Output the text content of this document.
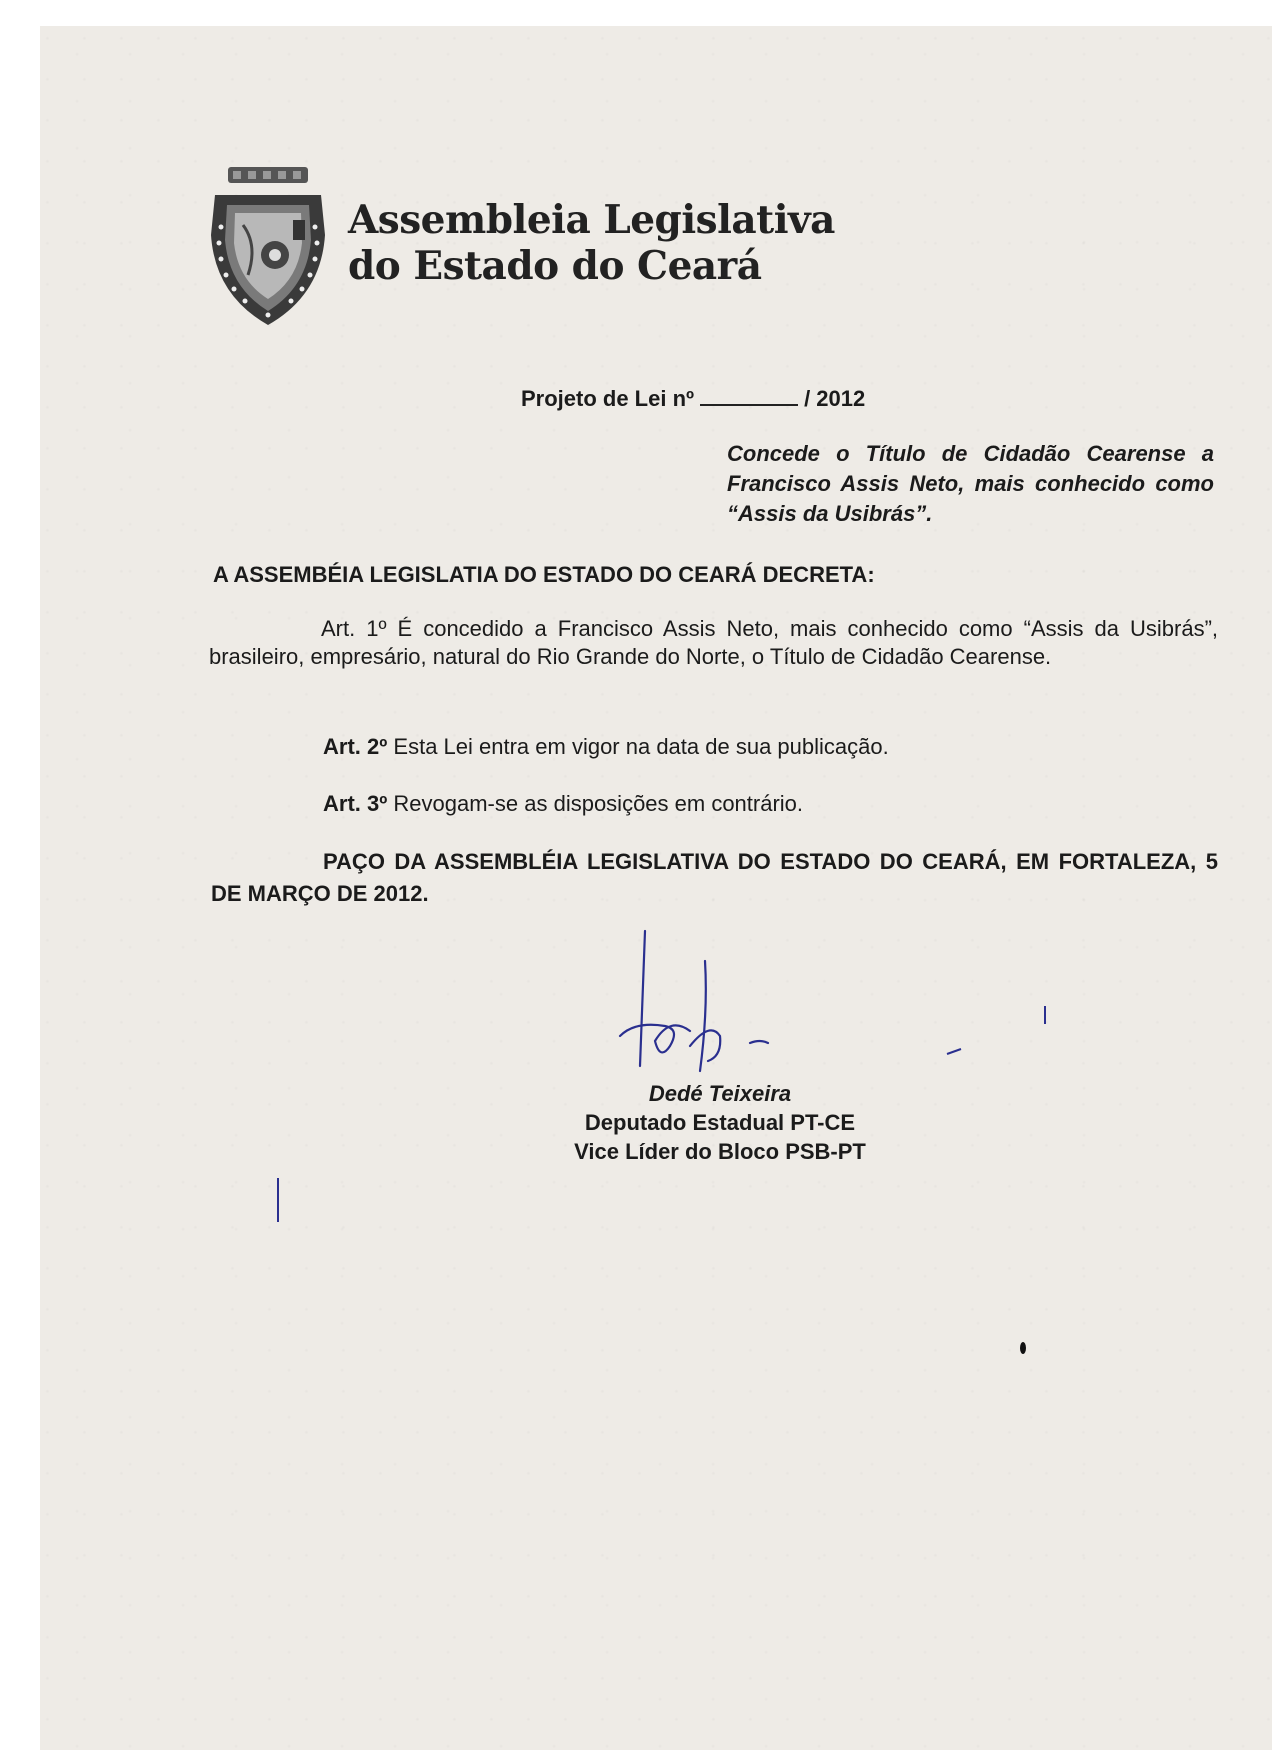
Assembleia Legislativa
do Estado do Ceará
Projeto de Lei nº	/ 2012
Concede o Título de Cidadão Cearense a Francisco Assis Neto, mais conhecido como “Assis da Usibrás”.
A ASSEMBÉIA LEGISLATIA DO ESTADO DO CEARÁ DECRETA:
Art. 1º É concedido a Francisco Assis Neto, mais conhecido como “Assis da Usibrás”, brasileiro, empresário, natural do Rio Grande do Norte, o Título de Cidadão Cearense.
Art. 2º Esta Lei entra em vigor na data de sua publicação.
Art. 3º Revogam-se as disposições em contrário.
PAÇO DA ASSEMBLÉIA LEGISLATIVA DO ESTADO DO CEARÁ, EM FORTALEZA, 5 DE MARÇO DE 2012.
Dedé Teixeira
Deputado Estadual PT-CE
Vice Líder do Bloco PSB-PT
